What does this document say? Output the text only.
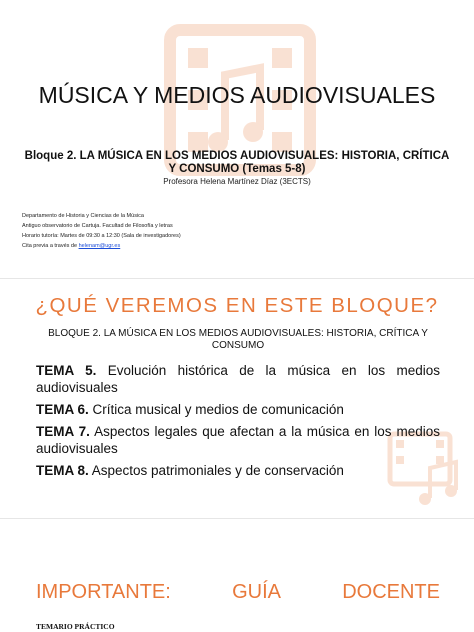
MÚSICA Y MEDIOS AUDIOVISUALES
Bloque 2. LA MÚSICA EN LOS MEDIOS AUDIOVISUALES: HISTORIA, CRÍTICA Y CONSUMO (Temas 5-8)
Profesora Helena Martínez Díaz (3ECTS)
Departamento de Historia y Ciencias de la Música
Antiguo observatorio de Cartuja. Facultad de Filosofía y letras
Horario tutoría: Martes de 09:30 a 12:30 (Sala de investigadores)
Cita previa a través de helenam@ugr.es
¿QUÉ VEREMOS EN ESTE BLOQUE?
BLOQUE 2. LA MÚSICA EN LOS MEDIOS AUDIOVISUALES: HISTORIA, CRÍTICA Y CONSUMO
TEMA 5. Evolución histórica de la música en los medios audiovisuales
TEMA 6. Crítica musical y medios de comunicación
TEMA 7. Aspectos legales que afectan a la música en los medios audiovisuales
TEMA 8. Aspectos patrimoniales y de conservación
IMPORTANTE:	GUÍA	DOCENTE
TEMARIO PRÁCTICO
